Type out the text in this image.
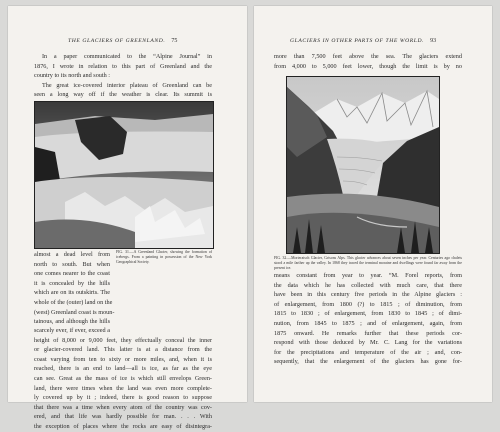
THE GLACIERS OF GREENLAND. 75
In a paper communicated to the “Alpine Journal” in
1876, I wrote in relation to this part of Greenland and the
country to its north and south :
The great ice-covered interior plateau of Greenland can be
seen a long way off if the weather is clear. Its summit is
almost a dead level from
north to south. But when
one comes nearer to the coast
it is concealed by the hills
which are on its outskirts. The
whole of the (outer) land on the
(west) Greenland coast is moun-
tainous, and although the hills
FIG. 31.—A Greenland Glacier, showing the formation of icebergs. From a painting in possession of the New York Geographical Society.
scarcely ever, if ever, exceed a
height of 8,000 or 9,000 feet, they effectually conceal the inner
or glacier-covered land. This latter is at a distance from the
coast varying from ten to sixty or more miles, and, when it is
reached, there is an end to land—all is ice, as far as the eye
can see. Great as the mass of ice is which still envelops Green-
land, there were times when the land was even more complete-
ly covered up by it ; indeed, there is good reason to suppose
that there was a time when every atom of the country was cov-
ered, and that life was hardly possible for man. . . . With
the exception of places where the rocks are easy of disintegra-
GLACIERS IN OTHER PARTS OF THE WORLD. 93
more than 7,500 feet above the sea. The glaciers extend
from 4,000 to 5,000 feet lower, though the limit is by no
FIG. 32.—Morteratsch Glacier, Grisons Alps. This glacier advances about seven inches per year. Centuries ago chalets stood a mile farther up the valley. In 1868 they traced the terminal moraine and dwellings were found far away from the present ice.
means constant from year to year. “M. Forel reports, from
the data which he has collected with much care, that there
have been in this century five periods in the Alpine glaciers :
of enlargement, from 1800 (?) to 1815 ; of diminution, from
1815 to 1830 ; of enlargement, from 1830 to 1845 ; of dimi-
nution, from 1845 to 1875 ; and of enlargement, again, from
1875 onward. He remarks further that these periods cor-
respond with those deduced by Mr. C. Lang for the variations
for the precipitations and temperature of the air ; and, con-
sequently, that the enlargement of the glaciers has gone for-
